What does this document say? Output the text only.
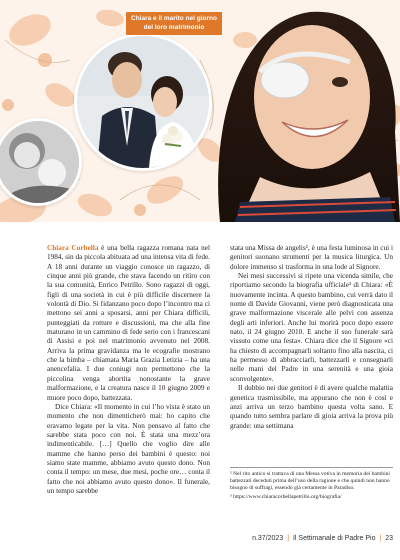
Chiara e il marito nel giorno del loro matrimonio

Chiara Corbella è una bella ragazza romana nata nel 1984, sin da piccola abituata ad una intensa vita di fede. A 18 anni durante un viaggio conosce un ragazzo, di cinque anni più grande, che stava facendo un ritiro con la sua comunità, Enrico Petrillo. Sono ragazzi di oggi, figli di una società in cui è più difficile discernere la volontà di Dio. Si fidanzano poco dopo l’incontro ma ci mettono sei anni a sposarsi, anni per Chiara difficili, punteggiati da rotture e discussioni, ma che alla fine maturano in un cammino di fede serio con i francescani di Assisi e poi nel matrimonio avvenuto nel 2008. Arriva la prima gravidanza ma le ecografie mostrano che la bimba – chiamata Maria Grazia Letizia – ha una anencefalia. I due coniugi non permettono che la piccolina venga abortita nonostante la grave malformazione, e la creatura nasce il 10 giugno 2009 e muore poco dopo, battezzata.

Dice Chiara: «Il momento in cui l’ho vista è stato un momento che non dimenticherò mai: ho capito che eravamo legate per la vita. Non pensavo al fatto che sarebbe stata poco con noi. È stata una mezz’ora indimenticabile. […] Quello che voglio dire alle mamme che hanno perso dei bambini è questo: noi siamo state mamme, abbiamo avuto questo dono. Non conta il tempo: un mese, due mesi, poche ore… conta il fatto che noi abbiamo avuto questo dono». Il funerale, un tempo sarebbe

stata una Missa de angelis², è una festa luminosa in cui i genitori suonano strumenti per la musica liturgica. Un dolore immenso si trasforma in una lode al Signore.

Nei mesi successivi si ripete una vicenda simile, che riportiamo secondo la biografia ufficiale³ di Chiara: «È nuovamente incinta. A questo bambino, cui verrà dato il nome di Davide Giovanni, viene però diagnosticata una grave malformazione viscerale alle pelvi con assenza degli arti inferiori. Anche lui morirà poco dopo essere nato, il 24 giugno 2010. E anche il suo funerale sarà vissuto come una festa». Chiara dice che il Signore «ci ha chiesto di accompagnarli soltanto fino alla nascita, ci ha permesso di abbracciarli, battezzarli e consegnarli nelle mani del Padre in una serenità e una gioia sconvolgente».

Il dubbio nei due genitori è di avere qualche malattia genetica trasmissibile, ma appurano che non è così e anzi arriva un terzo bambino questa volta sano. E quando tutto sembra parlare di gioia arriva la prova più grande: una settimana

² Nel rito antico si trattava di una Messa votiva in memoria dei bambini battezzati deceduti prima dell’uso della ragione e che quindi non hanno bisogno di suffragi, essendo già certamente in Paradiso.

³ https://www.chiaracorbellapetrillo.org/biografia/

n.37/2023 | Il Settimanale di Padre Pio | 23
